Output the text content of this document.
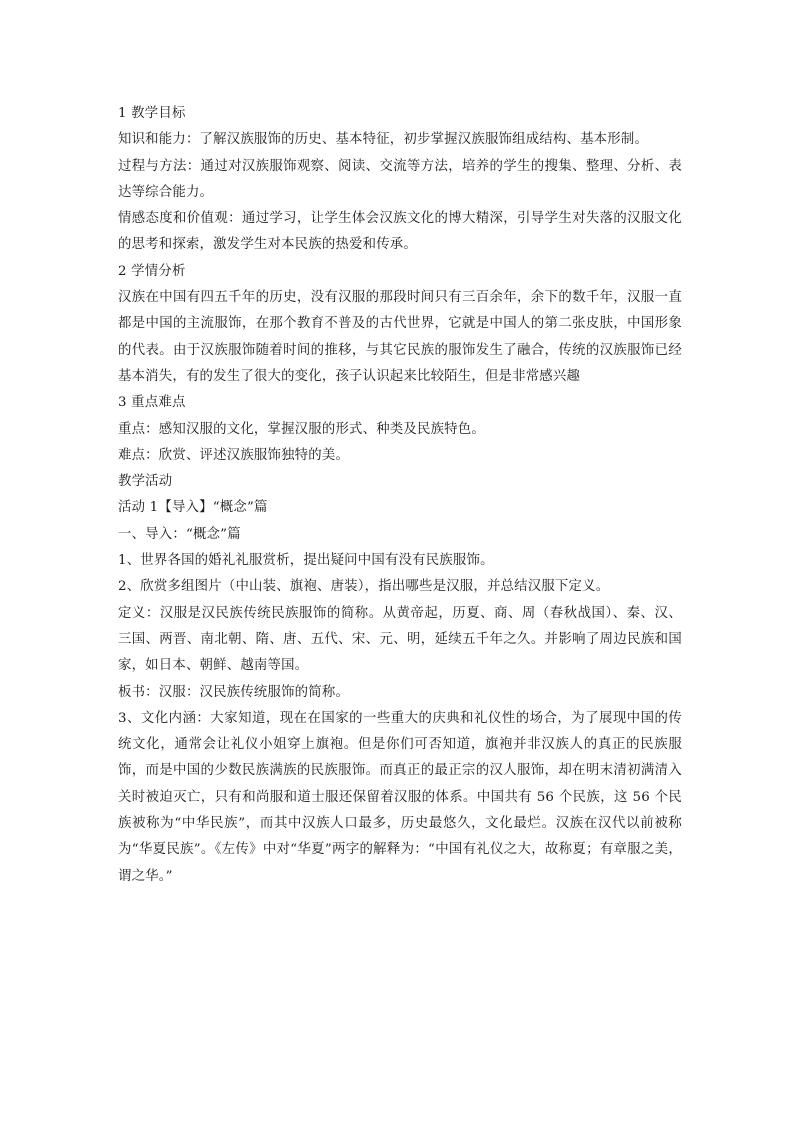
1 教学目标

知识和能力：了解汉族服饰的历史、基本特征，初步掌握汉族服饰组成结构、基本形制。

过程与方法：通过对汉族服饰观察、阅读、交流等方法，培养的学生的搜集、整理、分析、表达等综合能力。

情感态度和价值观：通过学习，让学生体会汉族文化的博大精深，引导学生对失落的汉服文化的思考和探索，激发学生对本民族的热爱和传承。

2 学情分析

汉族在中国有四五千年的历史，没有汉服的那段时间只有三百余年，余下的数千年，汉服一直都是中国的主流服饰，在那个教育不普及的古代世界，它就是中国人的第二张皮肤，中国形象的代表。由于汉族服饰随着时间的推移，与其它民族的服饰发生了融合，传统的汉族服饰已经基本消失，有的发生了很大的变化，孩子认识起来比较陌生，但是非常感兴趣

3 重点难点

重点：感知汉服的文化，掌握汉服的形式、种类及民族特色。

难点：欣赏、评述汉族服饰独特的美。

教学活动

活动 1【导入】“概念”篇

一、导入：“概念”篇

1、世界各国的婚礼礼服赏析，提出疑问中国有没有民族服饰。

2、欣赏多组图片（中山装、旗袍、唐装），指出哪些是汉服，并总结汉服下定义。

定义：汉服是汉民族传统民族服饰的简称。从黄帝起，历夏、商、周（春秋战国）、秦、汉、三国、两晋、南北朝、隋、唐、五代、宋、元、明，延续五千年之久。并影响了周边民族和国家，如日本、朝鲜、越南等国。

板书：汉服：汉民族传统服饰的简称。

3、文化内涵：大家知道，现在在国家的一些重大的庆典和礼仪性的场合，为了展现中国的传统文化，通常会让礼仪小姐穿上旗袍。但是你们可否知道，旗袍并非汉族人的真正的民族服饰，而是中国的少数民族满族的民族服饰。而真正的最正宗的汉人服饰，却在明末清初满清入关时被迫灭亡，只有和尚服和道士服还保留着汉服的体系。中国共有 56 个民族，这 56 个民族被称为“中华民族”，而其中汉族人口最多，历史最悠久，文化最烂。汉族在汉代以前被称为“华夏民族”。《左传》中对“华夏”两字的解释为：“中国有礼仪之大，故称夏；有章服之美，谓之华。”
